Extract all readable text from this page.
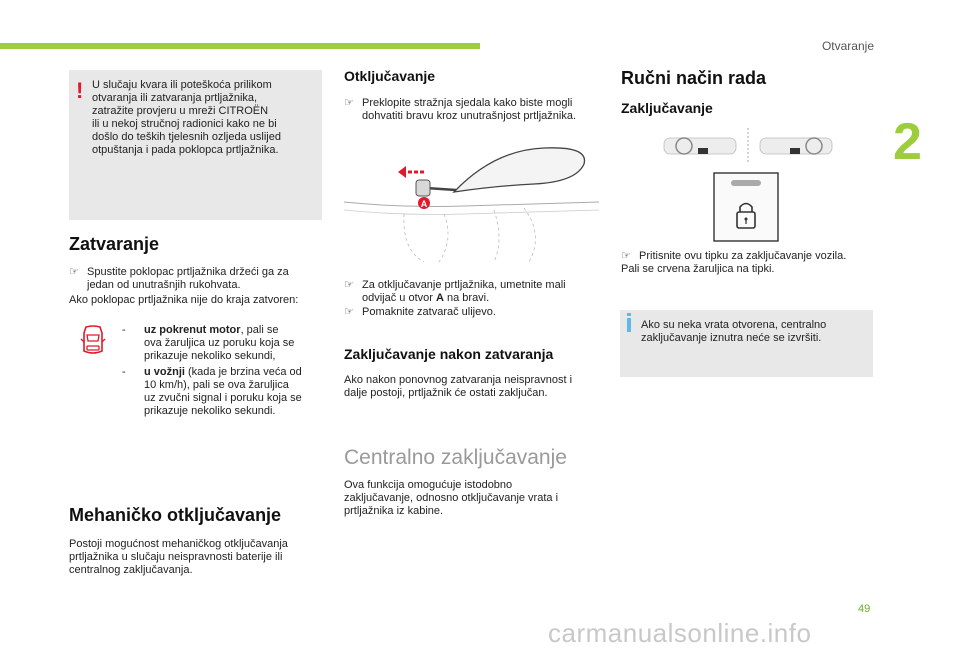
Otvaranje
2
! U slučaju kvara ili poteškoća prilikom
otvaranja ili zatvaranja prtljažnika,
zatražite provjeru u mreži CITROËN
ili u nekoj stručnoj radionici kako ne bi
došlo do teških tjelesnih ozljeda uslijed
otpuštanja i pada poklopca prtljažnika.
Zatvaranje
☞ Spustite poklopac prtljažnika držeći ga za
jedan od unutrašnjih rukohvata.
Ako poklopac prtljažnika nije do kraja zatvoren:
- uz pokrenut motor, pali se
ova žaruljica uz poruku koja se
prikazuje nekoliko sekundi,
- u vožnji (kada je brzina veća od
10 km/h), pali se ova žaruljica
uz zvučni signal i poruku koja se
prikazuje nekoliko sekundi.
Mehaničko otključavanje
Postoji mogućnost mehaničkog otključavanja
prtljažnika u slučaju neispravnosti baterije ili
centralnog zaključavanja.
Otključavanje
☞ Preklopite stražnja sjedala kako biste mogli
dohvatiti bravu kroz unutrašnjost prtljažnika.
A
☞ Za otključavanje prtljažnika, umetnite mali
odvijač u otvor A na bravi.
☞ Pomaknite zatvarač ulijevo.
Zaključavanje nakon zatvaranja
Ako nakon ponovnog zatvaranja neispravnost i
dalje postoji, prtljažnik će ostati zaključan.
Centralno zaključavanje
Ova funkcija omogućuje istodobno
zaključavanje, odnosno otključavanje vrata i
prtljažnika iz kabine.
Ručni način rada
Zaključavanje
☞ Pritisnite ovu tipku za zaključavanje vozila.
Pali se crvena žaruljica na tipki.
Ako su neka vrata otvorena, centralno
zaključavanje iznutra neće se izvršiti.
49
carmanualsonline.info
